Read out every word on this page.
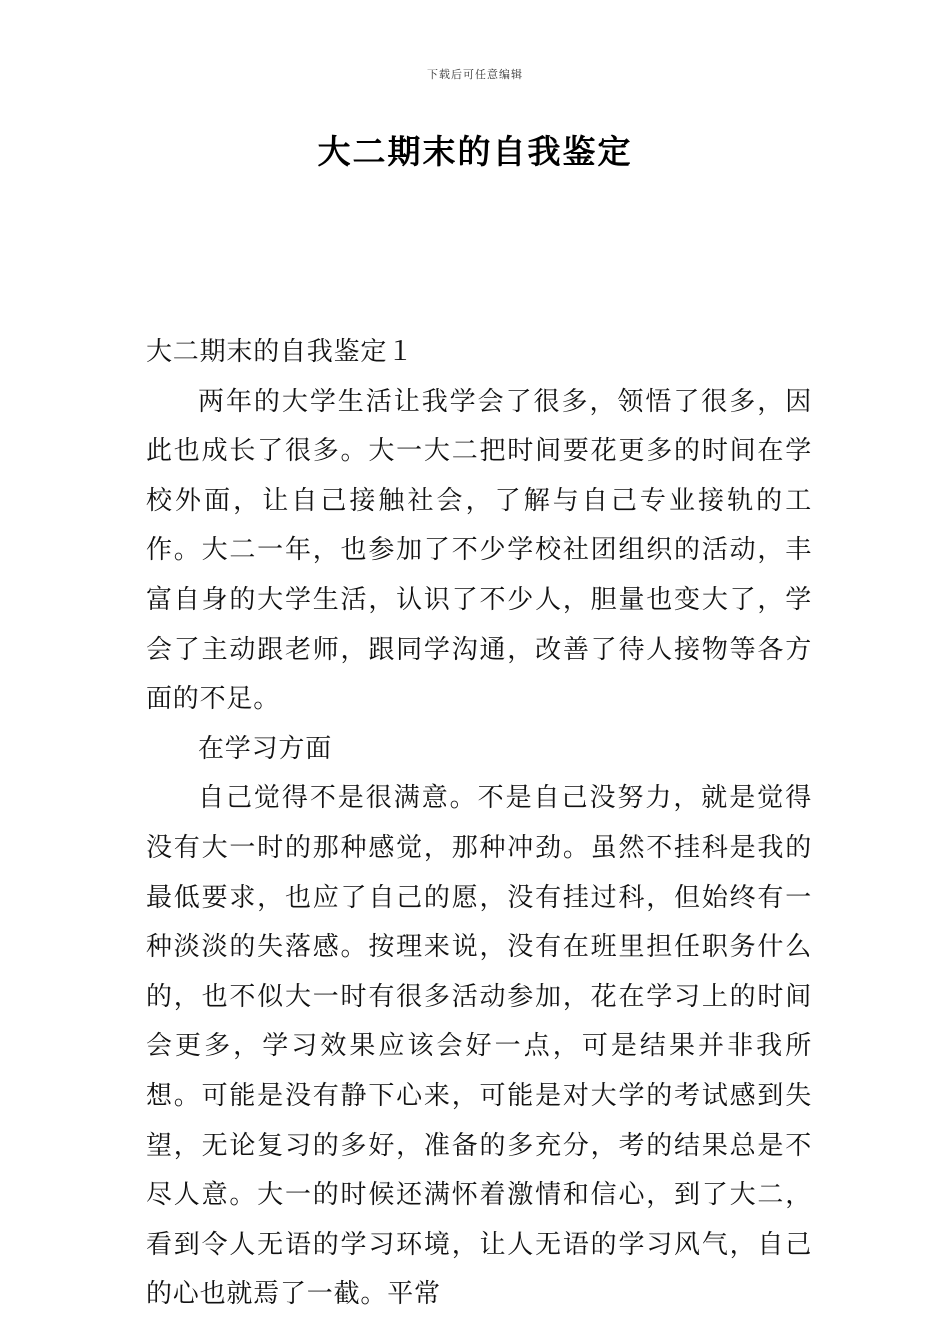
下载后可任意编辑
大二期末的自我鉴定

大二期末的自我鉴定１

两年的大学生活让我学会了很多，领悟了很多，因此也成长了很多。大一大二把时间要花更多的时间在学校外面，让自己接触社会，了解与自己专业接轨的工作。大二一年，也参加了不少学校社团组织的活动，丰富自身的大学生活，认识了不少人，胆量也变大了，学会了主动跟老师，跟同学沟通，改善了待人接物等各方面的不足。

在学习方面

自己觉得不是很满意。不是自己没努力，就是觉得没有大一时的那种感觉，那种冲劲。虽然不挂科是我的最低要求，也应了自己的愿，没有挂过科，但始终有一种淡淡的失落感。按理来说，没有在班里担任职务什么的，也不似大一时有很多活动参加，花在学习上的时间会更多，学习效果应该会好一点，可是结果并非我所想。可能是没有静下心来，可能是对大学的考试感到失望，无论复习的多好，准备的多充分，考的结果总是不尽人意。大一的时候还满怀着激情和信心，到了大二，看到令人无语的学习环境，让人无语的学习风气，自己的心也就焉了一截。平常
